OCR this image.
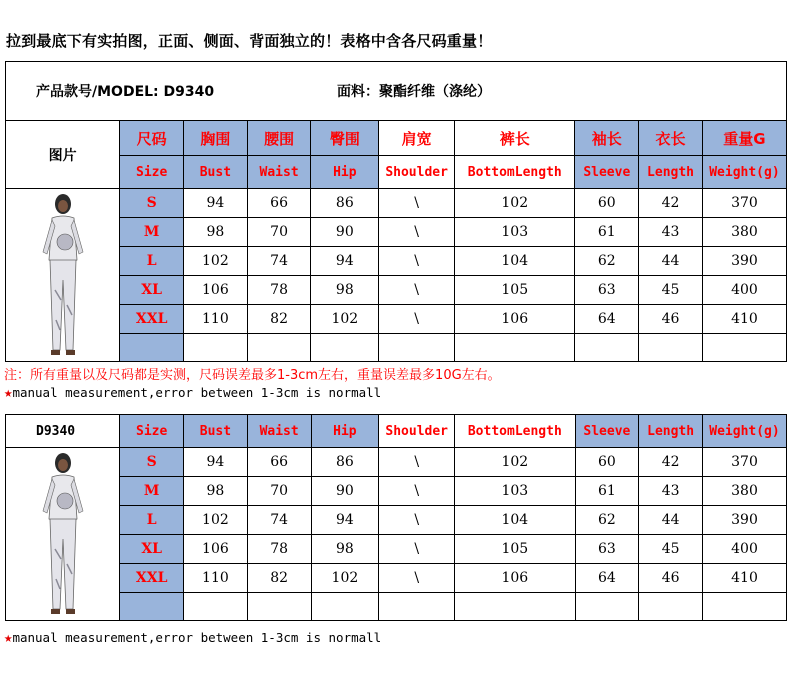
拉到最底下有实拍图，正面、侧面、背面独立的！表格中含各尺码重量！
产品款号/MODEL: D9340 面料：聚酯纤维（涤纶）									
图片	尺码	胸围	腰围	臀围	肩宽	裤长	袖长	衣长	重量G
	Size	Bust	Waist	Hip	Shoulder	BottomLength	Sleeve	Length	Weight(g)

	S	94	66	86	\	102	60	42	370
	M	98	70	90	\	103	61	43	380
	L	102	74	94	\	104	62	44	390
	XL	106	78	98	\	105	63	45	400
	XXL	110	82	102	\	106	64	46	410

注：所有重量以及尺码都是实测，尺码误差最多1-3cm左右，重量误差最多10G左右。
★manual measurement,error between 1-3cm is normall
D9340	Size	Bust	Waist	Hip	Shoulder	BottomLength	Sleeve	Length	Weight(g)

	S	94	66	86	\	102	60	42	370
	M	98	70	90	\	103	61	43	380
	L	102	74	94	\	104	62	44	390
	XL	106	78	98	\	105	63	45	400
	XXL	110	82	102	\	106	64	46	410

★manual measurement,error between 1-3cm is normall
